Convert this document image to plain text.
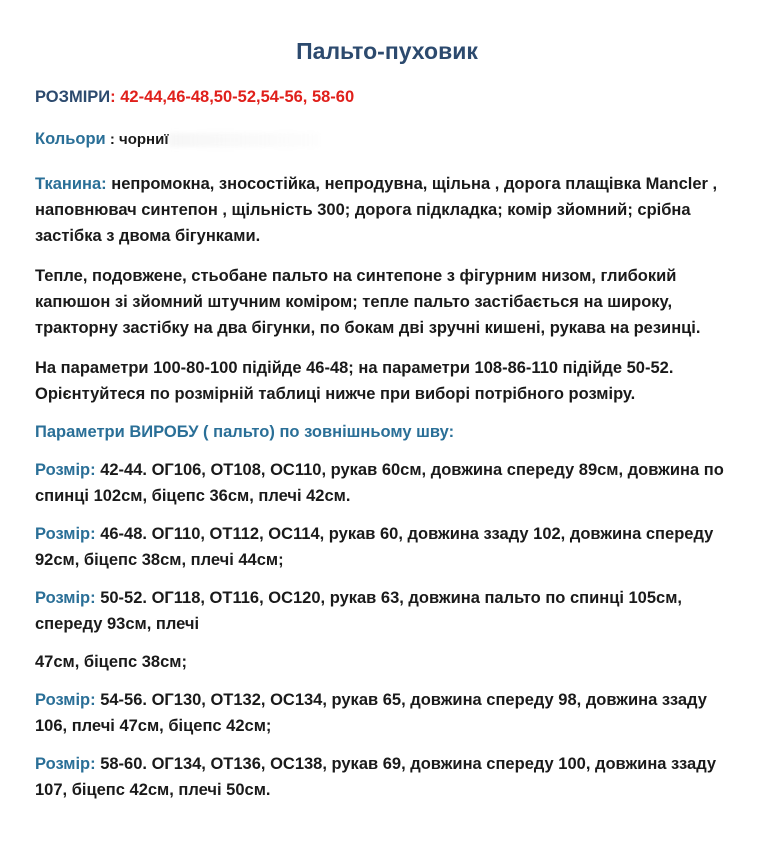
Пальто-пуховик

РОЗМІРИ: 42-44,46-48,50-52,54-56, 58-60

Кольори : чорниї

Тканина: непромокна, зносостійка, непродувна, щільна , дорога плащівка Mancler , наповнювач синтепон , щільність 300; дорога підкладка; комір зйомний; срібна застібка з двома бігунками.

Тепле, подовжене, стьобане пальто на синтепоне з фігурним низом, глибокий капюшон зі зйомний штучним коміром; тепле пальто застібається на широку, тракторну застібку на два бігунки, по бокам дві зручні кишені, рукава на резинці.

На параметри 100-80-100 підійде 46-48; на параметри 108-86-110 підійде 50-52. Орієнтуйтеся по розмірній таблиці нижче при виборі потрібного розміру.

Параметри ВИРОБУ ( пальто) по зовнішньому шву:

Розмір: 42-44. ОГ106, ОТ108, ОС110, рукав 60см, довжина спереду 89см, довжина по спинці 102см, біцепс 36см, плечі 42см.

Розмір: 46-48. ОГ110, ОТ112, ОС114, рукав 60, довжина ззаду 102, довжина спереду 92см, біцепс 38см, плечі 44см;

Розмір: 50-52. ОГ118, ОТ116, ОС120, рукав 63, довжина пальто по спинці 105см, спереду 93см, плечі

47см, біцепс 38см;

Розмір: 54-56. ОГ130, ОТ132, ОС134, рукав 65, довжина спереду 98, довжина ззаду 106, плечі 47см, біцепс 42см;

Розмір: 58-60. ОГ134, ОТ136, ОС138, рукав 69, довжина спереду 100, довжина ззаду 107, біцепс 42см, плечі 50см.
